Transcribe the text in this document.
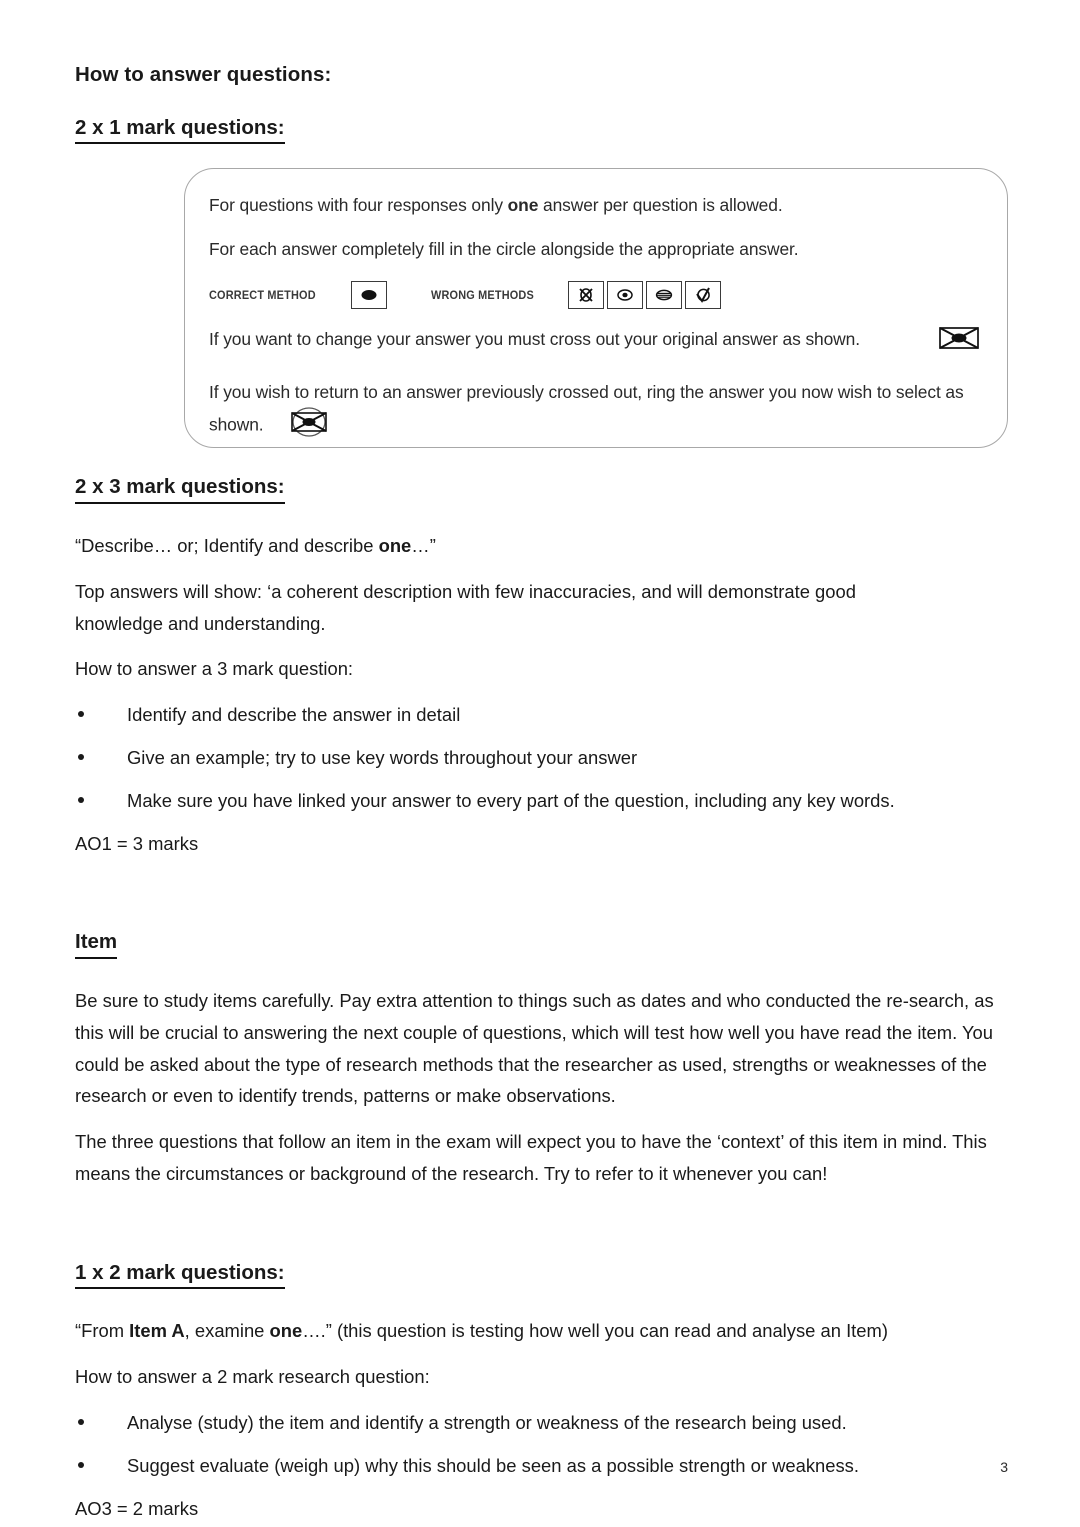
How to answer questions:
2 x 1 mark questions:
For questions with four responses only one answer per question is allowed.
For each answer completely fill in the circle alongside the appropriate answer.
CORRECT METHOD	WRONG METHODS
If you want to change your answer you must cross out your original answer as shown.
If you wish to return to an answer previously crossed out, ring the answer you now wish to select as shown.
2 x 3 mark questions:

“Describe… or; Identify and describe one…”

Top answers will show: ‘a coherent description with few inaccuracies, and will demonstrate good
knowledge and understanding.

How to answer a 3 mark question:

Identify and describe the answer in detail
Give an example; try to use key words throughout your answer
Make sure you have linked your answer to every part of the question, including any key words.

AO1 = 3 marks

Item

Be sure to study items carefully. Pay extra attention to things such as dates and who conducted the re-search, as this will be crucial to answering the next couple of questions, which will test how well you have read the item. You could be asked about the type of research methods that the researcher as used, strengths or weaknesses of the research or even to identify trends, patterns or make observations.

The three questions that follow an item in the exam will expect you to have the ‘context’ of this item in mind. This means the circumstances or background of the research. Try to refer to it whenever you can!

1 x 2 mark questions:

“From Item A, examine one….” (this question is testing how well you can read and analyse an Item)

How to answer a 2 mark research question:

Analyse (study) the item and identify a strength or weakness of the research being used.
Suggest evaluate (weigh up) why this should be seen as a possible strength or weakness.

AO3 = 2 marks

3
